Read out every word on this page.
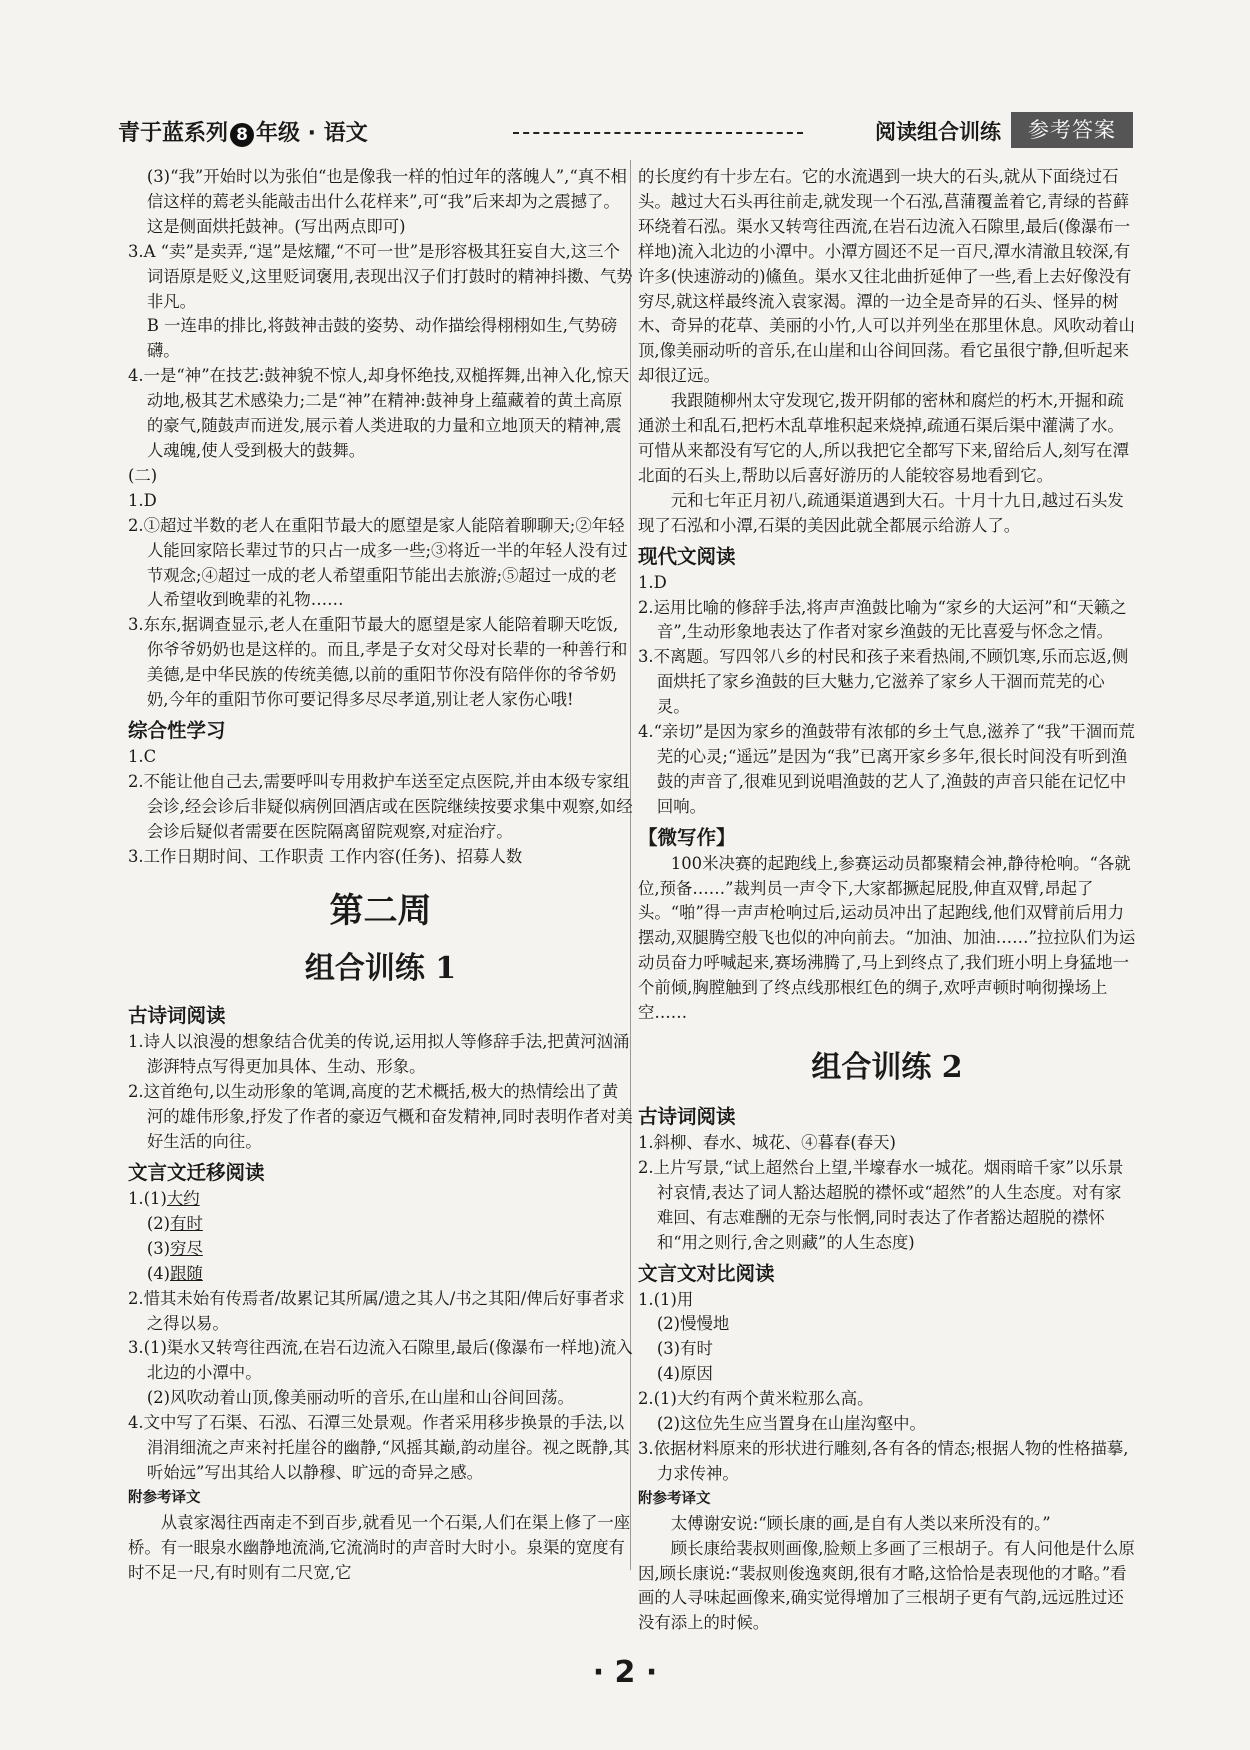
青于蓝系列 8 年级 · 语文	阅读组合训练	参考答案

(3)“我”开始时以为张伯“也是像我一样的怕过年的落魄人”,“真不相信这样的蔫老头能敲击出什么花样来”,可“我”后来却为之震撼了。这是侧面烘托鼓神。(写出两点即可)

3.A “卖”是卖弄,“逞”是炫耀,“不可一世”是形容极其狂妄自大,这三个词语原是贬义,这里贬词褒用,表现出汉子们打鼓时的精神抖擞、气势非凡。

B 一连串的排比,将鼓神击鼓的姿势、动作描绘得栩栩如生,气势磅礴。

4.一是“神”在技艺:鼓神貌不惊人,却身怀绝技,双槌挥舞,出神入化,惊天动地,极其艺术感染力;二是“神”在精神:鼓神身上蕴藏着的黄土高原的豪气,随鼓声而迸发,展示着人类进取的力量和立地顶天的精神,震人魂魄,使人受到极大的鼓舞。

(二)

1.D

2.①超过半数的老人在重阳节最大的愿望是家人能陪着聊聊天;②年轻人能回家陪长辈过节的只占一成多一些;③将近一半的年轻人没有过节观念;④超过一成的老人希望重阳节能出去旅游;⑤超过一成的老人希望收到晚辈的礼物……

3.东东,据调查显示,老人在重阳节最大的愿望是家人能陪着聊天吃饭,你爷爷奶奶也是这样的。而且,孝是子女对父母对长辈的一种善行和美德,是中华民族的传统美德,以前的重阳节你没有陪伴你的爷爷奶奶,今年的重阳节你可要记得多尽尽孝道,别让老人家伤心哦!

综合性学习

1.C

2.不能让他自己去,需要呼叫专用救护车送至定点医院,并由本级专家组会诊,经会诊后非疑似病例回酒店或在医院继续按要求集中观察,如经会诊后疑似者需要在医院隔离留院观察,对症治疗。

3.工作日期时间、工作职责 工作内容(任务)、招募人数

第二周
组合训练 1
古诗词阅读

1.诗人以浪漫的想象结合优美的传说,运用拟人等修辞手法,把黄河汹涌澎湃特点写得更加具体、生动、形象。

2.这首绝句,以生动形象的笔调,高度的艺术概括,极大的热情绘出了黄河的雄伟形象,抒发了作者的豪迈气概和奋发精神,同时表明作者对美好生活的向往。

文言文迁移阅读

1.(1)大约

(2)有时

(3)穷尽

(4)跟随

2.惜其未始有传焉者/故累记其所属/遗之其人/书之其阳/俾后好事者求之得以易。

3.(1)渠水又转弯往西流,在岩石边流入石隙里,最后(像瀑布一样地)流入北边的小潭中。

(2)风吹动着山顶,像美丽动听的音乐,在山崖和山谷间回荡。

4.文中写了石渠、石泓、石潭三处景观。作者采用移步换景的手法,以涓涓细流之声来衬托崖谷的幽静,“风摇其巅,韵动崖谷。视之既静,其听始远”写出其给人以静穆、旷远的奇异之感。

附参考译文

从袁家渴往西南走不到百步,就看见一个石渠,人们在渠上修了一座桥。有一眼泉水幽静地流淌,它流淌时的声音时大时小。泉渠的宽度有时不足一尺,有时则有二尺宽,它

的长度约有十步左右。它的水流遇到一块大的石头,就从下面绕过石头。越过大石头再往前走,就发现一个石泓,菖蒲覆盖着它,青绿的苔藓环绕着石泓。渠水又转弯往西流,在岩石边流入石隙里,最后(像瀑布一样地)流入北边的小潭中。小潭方圆还不足一百尺,潭水清澈且较深,有许多(快速游动的)鯈鱼。渠水又往北曲折延伸了一些,看上去好像没有穷尽,就这样最终流入袁家渴。潭的一边全是奇异的石头、怪异的树木、奇异的花草、美丽的小竹,人可以并列坐在那里休息。风吹动着山顶,像美丽动听的音乐,在山崖和山谷间回荡。看它虽很宁静,但听起来却很辽远。

我跟随柳州太守发现它,拨开阴郁的密林和腐烂的朽木,开掘和疏通淤土和乱石,把朽木乱草堆积起来烧掉,疏通石渠后渠中灌满了水。可惜从来都没有写它的人,所以我把它全都写下来,留给后人,刻写在潭北面的石头上,帮助以后喜好游历的人能较容易地看到它。

元和七年正月初八,疏通渠道遇到大石。十月十九日,越过石头发现了石泓和小潭,石渠的美因此就全都展示给游人了。

现代文阅读

1.D

2.运用比喻的修辞手法,将声声渔鼓比喻为“家乡的大运河”和“天籁之音”,生动形象地表达了作者对家乡渔鼓的无比喜爱与怀念之情。

3.不离题。写四邻八乡的村民和孩子来看热闹,不顾饥寒,乐而忘返,侧面烘托了家乡渔鼓的巨大魅力,它滋养了家乡人干涸而荒芜的心灵。

4.“亲切”是因为家乡的渔鼓带有浓郁的乡土气息,滋养了“我”干涸而荒芜的心灵;“遥远”是因为“我”已离开家乡多年,很长时间没有听到渔鼓的声音了,很难见到说唱渔鼓的艺人了,渔鼓的声音只能在记忆中回响。

【微写作】

100米决赛的起跑线上,参赛运动员都聚精会神,静待枪响。“各就位,预备……”裁判员一声令下,大家都撅起屁股,伸直双臂,昂起了头。“啪”得一声声枪响过后,运动员冲出了起跑线,他们双臂前后用力摆动,双腿腾空般飞也似的冲向前去。“加油、加油……”拉拉队们为运动员奋力呼喊起来,赛场沸腾了,马上到终点了,我们班小明上身猛地一个前倾,胸膛触到了终点线那根红色的绸子,欢呼声顿时响彻操场上空……

组合训练 2
古诗词阅读

1.斜柳、春水、城花、④暮春(春天)

2.上片写景,“试上超然台上望,半壕春水一城花。烟雨暗千家”以乐景衬哀情,表达了词人豁达超脱的襟怀或“超然”的人生态度。对有家难回、有志难酬的无奈与怅惘,同时表达了作者豁达超脱的襟怀和“用之则行,舍之则藏”的人生态度)

文言文对比阅读

1.(1)用

(2)慢慢地

(3)有时

(4)原因

2.(1)大约有两个黄米粒那么高。

(2)这位先生应当置身在山崖沟壑中。

3.依据材料原来的形状进行雕刻,各有各的情态;根据人物的性格描摹,力求传神。

附参考译文

太傅谢安说:“顾长康的画,是自有人类以来所没有的。”

顾长康给裴叔则画像,脸颊上多画了三根胡子。有人问他是什么原因,顾长康说:“裴叔则俊逸爽朗,很有才略,这恰恰是表现他的才略。”看画的人寻味起画像来,确实觉得增加了三根胡子更有气韵,远远胜过还没有添上的时候。

· 2 ·
